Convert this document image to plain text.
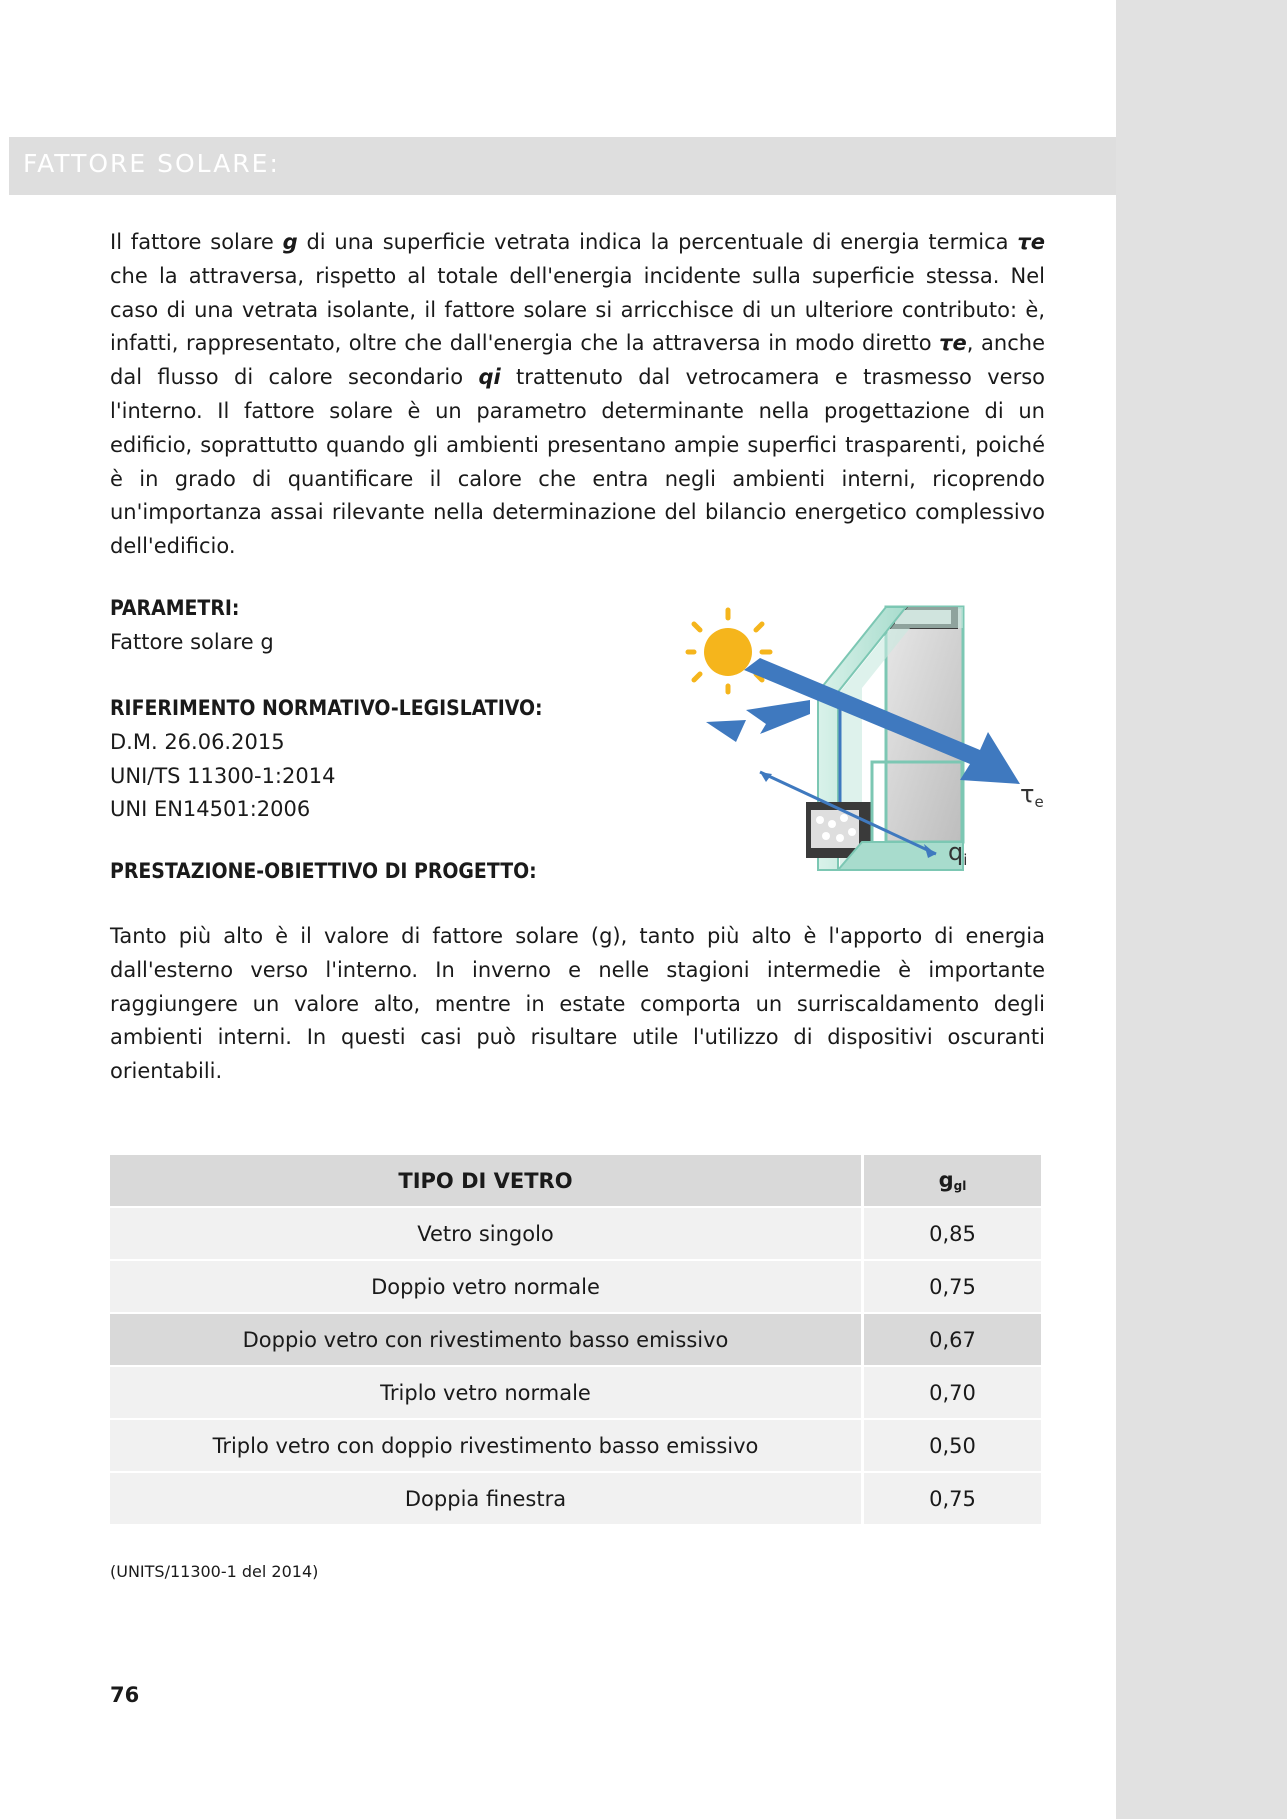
FATTORE SOLARE:

Il fattore solare g di una superficie vetrata indica la percentuale di energia termica τe che la attraversa, rispetto al totale dell'energia incidente sulla superficie stessa. Nel caso di una vetrata isolante, il fattore solare si arricchisce di un ulteriore contributo: è, infatti, rappresentato, oltre che dall'energia che la attraversa in modo diretto τe, anche dal flusso di calore secondario qi trattenuto dal vetrocamera e trasmesso verso l'interno. Il fattore solare è un parametro determinante nella progettazione di un edificio, soprattutto quando gli ambienti presentano ampie superfici trasparenti, poiché è in grado di quantificare il calore che entra negli ambienti interni, ricoprendo un'importanza assai rilevante nella determinazione del bilancio energetico complessivo dell'edificio.

PARAMETRI:
Fattore solare g
RIFERIMENTO NORMATIVO-LEGISLATIVO:
D.M. 26.06.2015
UNI/TS 11300-1:2014
UNI EN14501:2006
PRESTAZIONE-OBIETTIVO DI PROGETTO:

Tanto più alto è il valore di fattore solare (g), tanto più alto è l'apporto di energia dall'esterno verso l'interno. In inverno e nelle stagioni intermedie è importante raggiungere un valore alto, mentre in estate comporta un surriscaldamento degli ambienti interni. In questi casi può risultare utile l'utilizzo di dispositivi oscuranti orientabili.

$\tau_e$
$q_i$
TIPO DI VETRO	ggl
Vetro singolo	0,85
Doppio vetro normale	0,75
Doppio vetro con rivestimento basso emissivo	0,67
Triplo vetro normale	0,70
Triplo vetro con doppio rivestimento basso emissivo	0,50
Doppia finestra	0,75
(UNITS/11300-1 del 2014)
76
